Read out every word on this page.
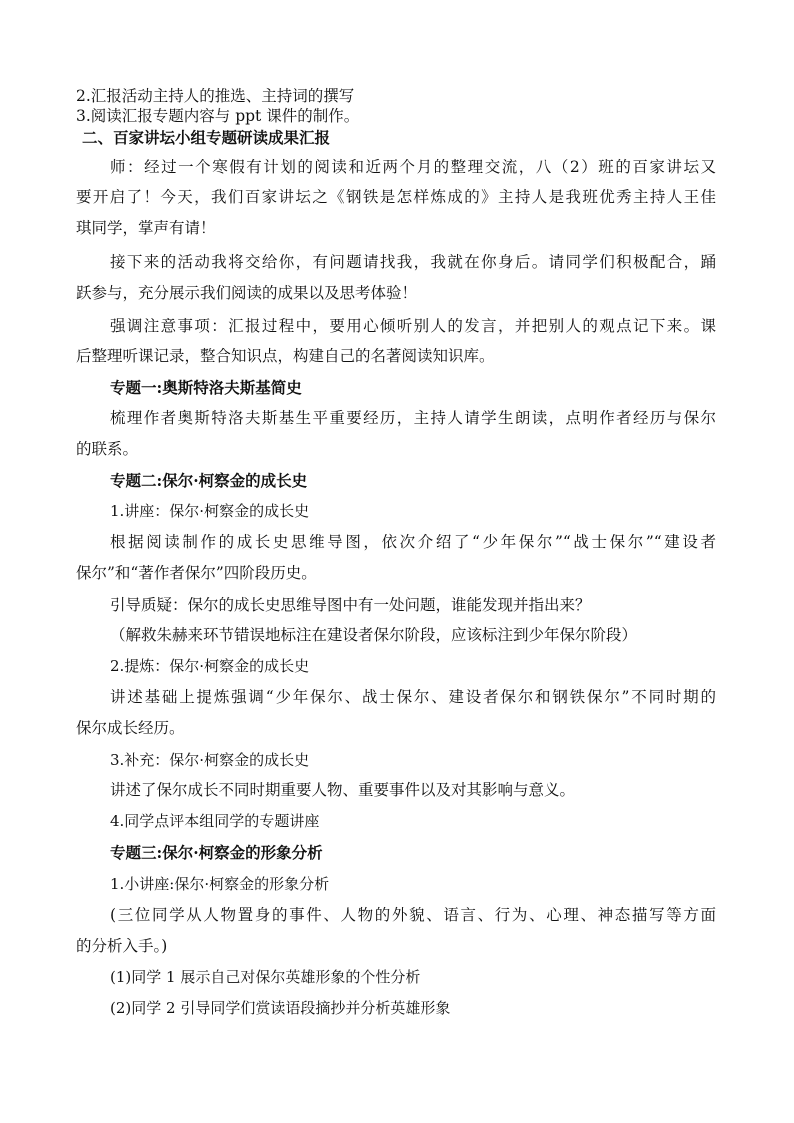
2.汇报活动主持人的推选、主持词的撰写
3.阅读汇报专题内容与 ppt 课件的制作。
二、百家讲坛小组专题研读成果汇报
师：经过一个寒假有计划的阅读和近两个月的整理交流，八（2）班的百家讲坛又
要开启了！今天，我们百家讲坛之《钢铁是怎样炼成的》主持人是我班优秀主持人王佳
琪同学，掌声有请！
接下来的活动我将交给你，有问题请找我，我就在你身后。请同学们积极配合，踊
跃参与，充分展示我们阅读的成果以及思考体验！
强调注意事项：汇报过程中，要用心倾听别人的发言，并把别人的观点记下来。课
后整理听课记录，整合知识点，构建自己的名著阅读知识库。
专题一:奥斯特洛夫斯基简史
梳理作者奥斯特洛夫斯基生平重要经历，主持人请学生朗读，点明作者经历与保尔
的联系。
专题二:保尔·柯察金的成长史
1.讲座：保尔·柯察金的成长史
根据阅读制作的成长史思维导图，依次介绍了“少年保尔”“战士保尔”“建设者
保尔”和“著作者保尔”四阶段历史。
引导质疑：保尔的成长史思维导图中有一处问题，谁能发现并指出来？
（解救朱赫来环节错误地标注在建设者保尔阶段，应该标注到少年保尔阶段）
2.提炼：保尔·柯察金的成长史
讲述基础上提炼强调“少年保尔、战士保尔、建设者保尔和钢铁保尔”不同时期的
保尔成长经历。
3.补充：保尔·柯察金的成长史
讲述了保尔成长不同时期重要人物、重要事件以及对其影响与意义。
4.同学点评本组同学的专题讲座
专题三:保尔·柯察金的形象分析
1.小讲座:保尔·柯察金的形象分析
(三位同学从人物置身的事件、人物的外貌、语言、行为、心理、神态描写等方面
的分析入手。)
(1)同学 1 展示自己对保尔英雄形象的个性分析
(2)同学 2 引导同学们赏读语段摘抄并分析英雄形象
